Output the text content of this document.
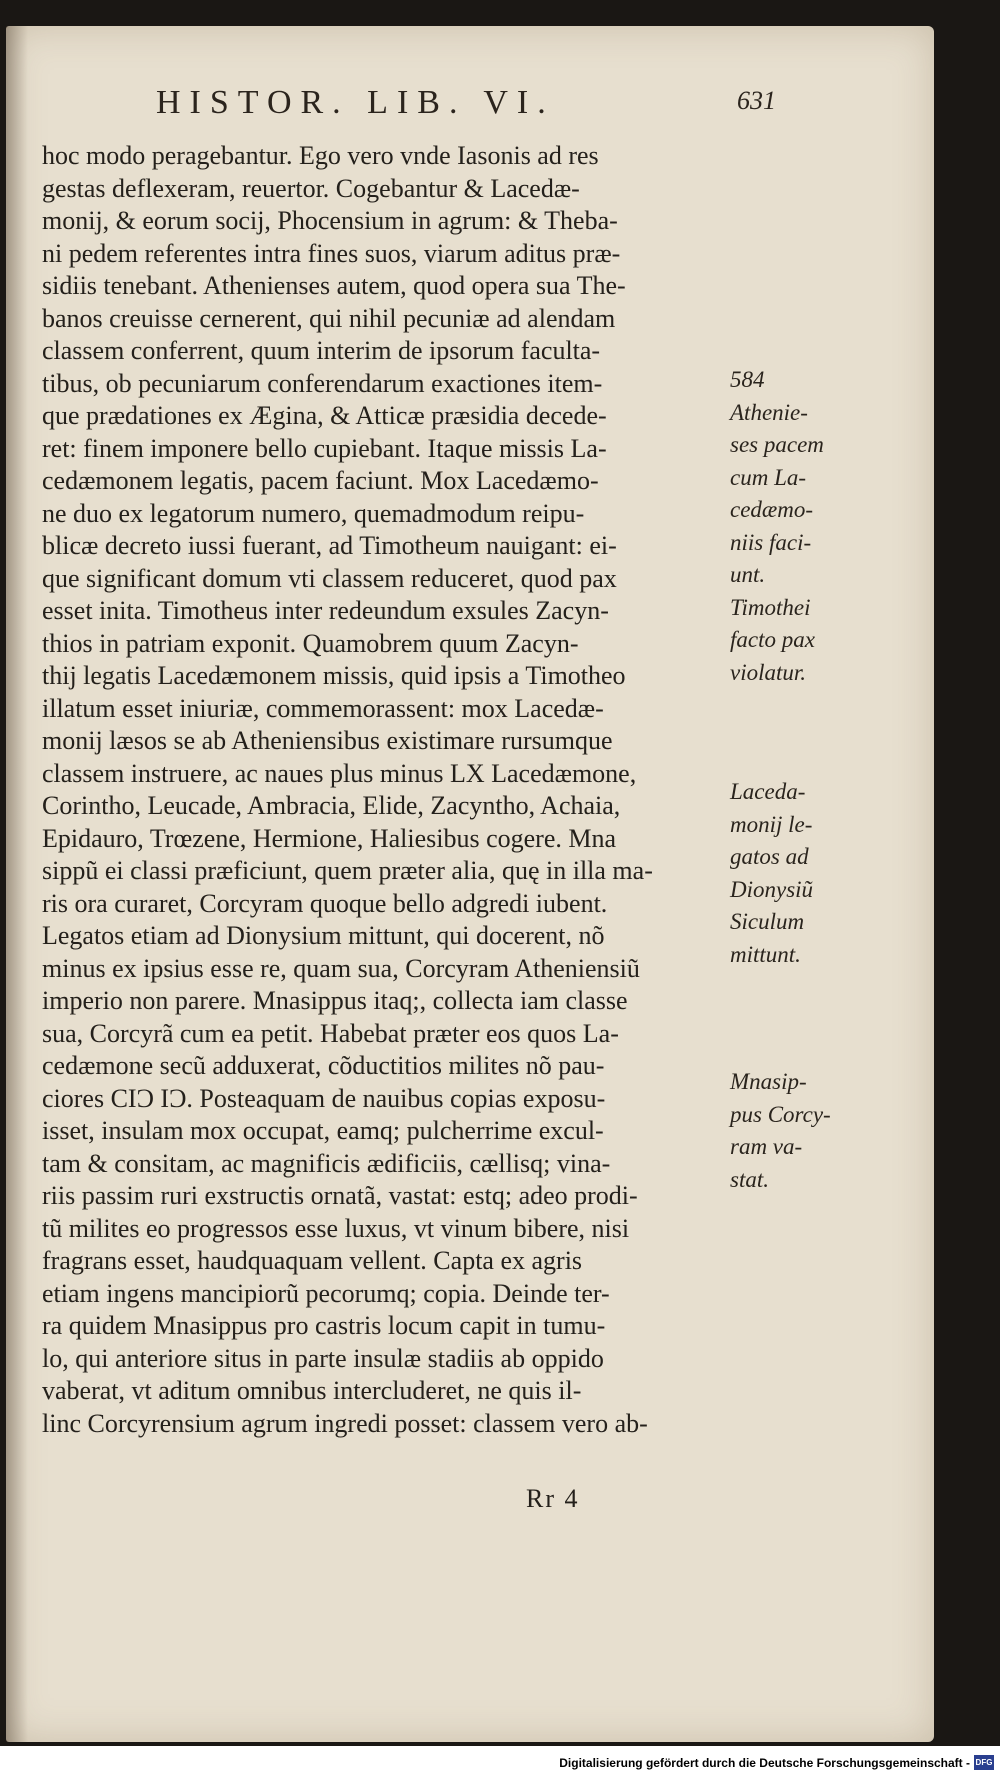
HISTOR. LIB. VI.	631
hoc modo peragebantur. Ego vero vnde Iasonis ad res
gestas deflexeram, reuertor. Cogebantur & Lacedæ-
monij, & eorum socij, Phocensium in agrum: & Theba-
ni pedem referentes intra fines suos, viarum aditus præ-
sidiis tenebant. Athenienses autem, quod opera sua The-
banos creuisse cernerent, qui nihil pecuniæ ad alendam
classem conferrent, quum interim de ipsorum faculta-
tibus, ob pecuniarum conferendarum exactiones item-
que prædationes ex Ægina, & Atticæ præsidia decede-
ret: finem imponere bello cupiebant. Itaque missis La-
cedæmonem legatis, pacem faciunt. Mox Lacedæmo-
ne duo ex legatorum numero, quemadmodum reipu-
blicæ decreto iussi fuerant, ad Timotheum nauigant: ei-
que significant domum vti classem reduceret, quod pax
esset inita. Timotheus inter redeundum exsules Zacyn-
thios in patriam exponit. Quamobrem quum Zacyn-
thij legatis Lacedæmonem missis, quid ipsis a Timotheo
illatum esset iniuriæ, commemorassent: mox Lacedæ-
monij læsos se ab Atheniensibus existimare rursumque
classem instruere, ac naues plus minus LX Lacedæmone,
Corintho, Leucade, Ambracia, Elide, Zacyntho, Achaia,
Epidauro, Trœzene, Hermione, Haliesibus cogere. Mna
sippũ ei classi præficiunt, quem præter alia, quę in illa ma-
ris ora curaret, Corcyram quoque bello adgredi iubent.
Legatos etiam ad Dionysium mittunt, qui docerent, nõ
minus ex ipsius esse re, quam sua, Corcyram Atheniensiũ
imperio non parere. Mnasippus itaq;, collecta iam classe
sua, Corcyrã cum ea petit. Habebat præter eos quos La-
cedæmone secũ adduxerat, cõductitios milites nõ pau-
ciores CIƆ IƆ. Posteaquam de nauibus copias exposu-
isset, insulam mox occupat, eamq; pulcherrime excul-
tam & consitam, ac magnificis ædificiis, cællisq; vina-
riis passim ruri exstructis ornatã, vastat: estq; adeo prodi-
tũ milites eo progressos esse luxus, vt vinum bibere, nisi
fragrans esset, haudquaquam vellent. Capta ex agris
etiam ingens mancipiorũ pecorumq; copia. Deinde ter-
ra quidem Mnasippus pro castris locum capit in tumu-
lo, qui anteriore situs in parte insulæ stadiis ab oppido
vaberat, vt aditum omnibus intercluderet, ne quis il-
linc Corcyrensium agrum ingredi posset: classem vero ab-
584
Athenie-
ses pacem
cum La-
cedæmo-
niis faci-
unt.
Timothei
facto pax
violatur.
Laceda-
monij le-
gatos ad
Dionysiũ
Siculum
mittunt.
Mnasip-
pus Corcy-
ram va-
stat.
Rr 4
Digitalisierung gefördert durch die Deutsche Forschungsgemeinschaft - DFG
